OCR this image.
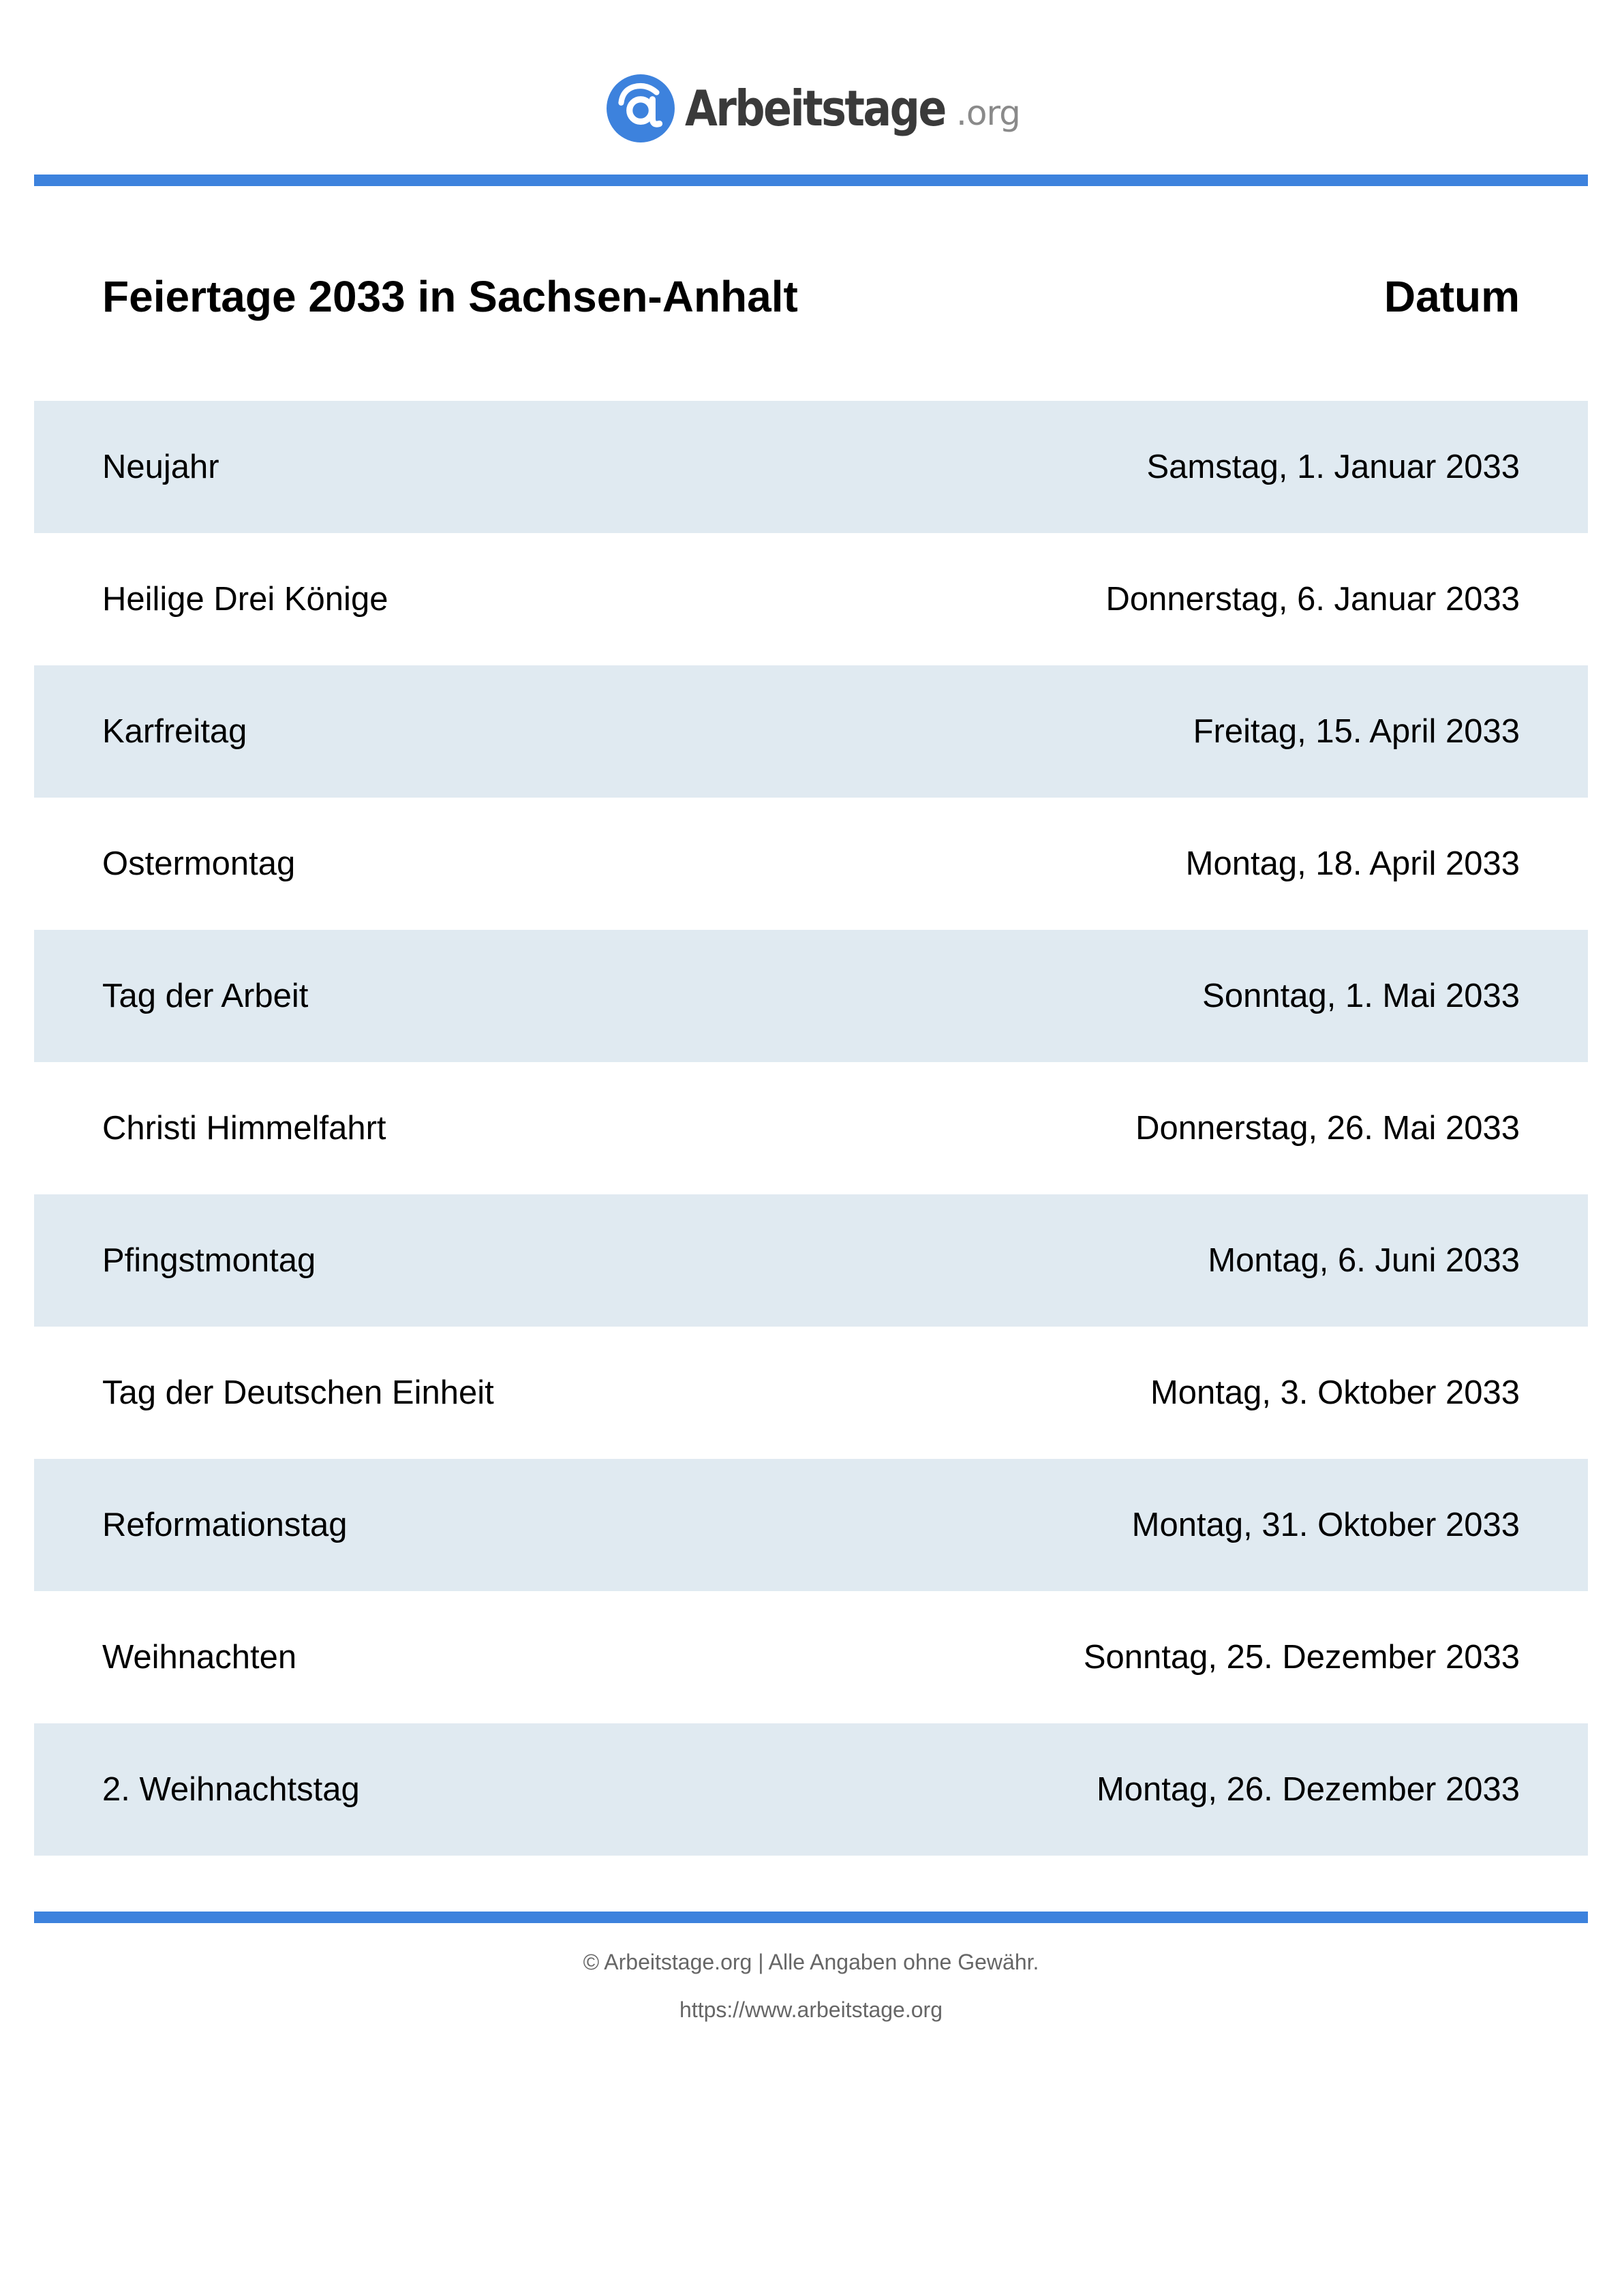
Arbeitstage .org
Feiertage 2033 in Sachsen-Anhalt	Datum
Neujahr	Samstag, 1. Januar 2033
Heilige Drei Könige	Donnerstag, 6. Januar 2033
Karfreitag	Freitag, 15. April 2033
Ostermontag	Montag, 18. April 2033
Tag der Arbeit	Sonntag, 1. Mai 2033
Christi Himmelfahrt	Donnerstag, 26. Mai 2033
Pfingstmontag	Montag, 6. Juni 2033
Tag der Deutschen Einheit	Montag, 3. Oktober 2033
Reformationstag	Montag, 31. Oktober 2033
Weihnachten	Sonntag, 25. Dezember 2033
2. Weihnachtstag	Montag, 26. Dezember 2033
© Arbeitstage.org | Alle Angaben ohne Gewähr.
https://www.arbeitstage.org
